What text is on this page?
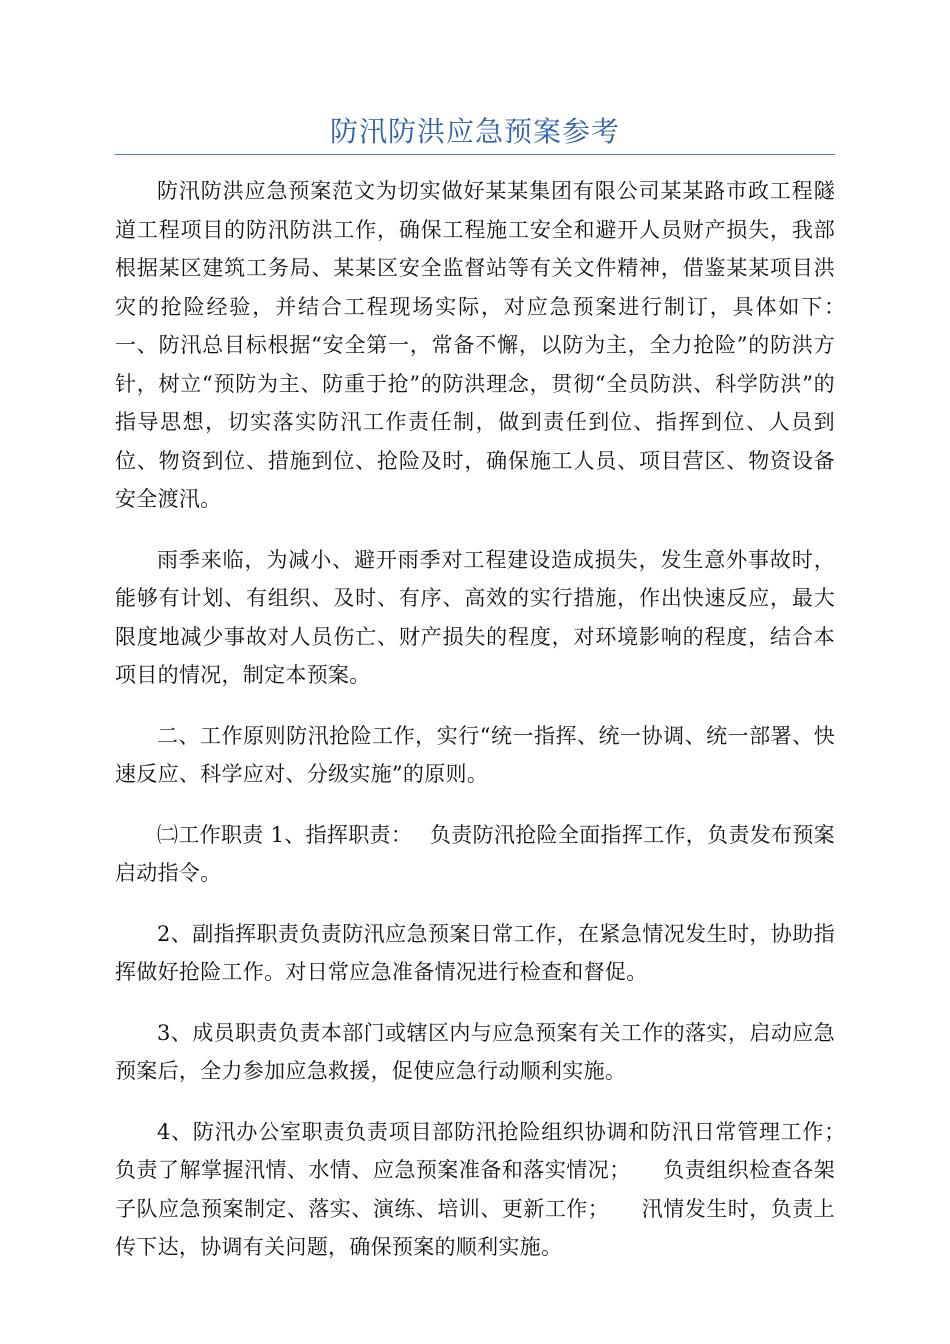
防汛防洪应急预案参考

防汛防洪应急预案范文为切实做好某某集团有限公司某某路市政工程隧道工程项目的防汛防洪工作，确保工程施工安全和避开人员财产损失，我部根据某区建筑工务局、某某区安全监督站等有关文件精神，借鉴某某项目洪灾的抢险经验，并结合工程现场实际，对应急预案进行制订，具体如下：　　一、防汛总目标根据“安全第一，常备不懈，以防为主，全力抢险”的防洪方针，树立“预防为主、防重于抢”的防洪理念，贯彻“全员防洪、科学防洪”的指导思想，切实落实防汛工作责任制，做到责任到位、指挥到位、人员到位、物资到位、措施到位、抢险及时，确保施工人员、项目营区、物资设备安全渡汛。

雨季来临，为减小、避开雨季对工程建设造成损失，发生意外事故时，能够有计划、有组织、及时、有序、高效的实行措施，作出快速反应，最大限度地减少事故对人员伤亡、财产损失的程度，对环境影响的程度，结合本项目的情况，制定本预案。

二、工作原则防汛抢险工作，实行“统一指挥、统一协调、统一部署、快速反应、科学应对、分级实施”的原则。

㈡工作职责 1、指挥职责：　 负责防汛抢险全面指挥工作，负责发布预案启动指令。

2、副指挥职责负责防汛应急预案日常工作，在紧急情况发生时，协助指挥做好抢险工作。对日常应急准备情况进行检查和督促。

3、成员职责负责本部门或辖区内与应急预案有关工作的落实，启动应急预案后，全力参加应急救援，促使应急行动顺利实施。

4、防汛办公室职责负责项目部防汛抢险组织协调和防汛日常管理工作；　　负责了解掌握汛情、水情、应急预案准备和落实情况；　　负责组织检查各架子队应急预案制定、落实、演练、培训、更新工作；　　汛情发生时，负责上传下达，协调有关问题，确保预案的顺利实施。
